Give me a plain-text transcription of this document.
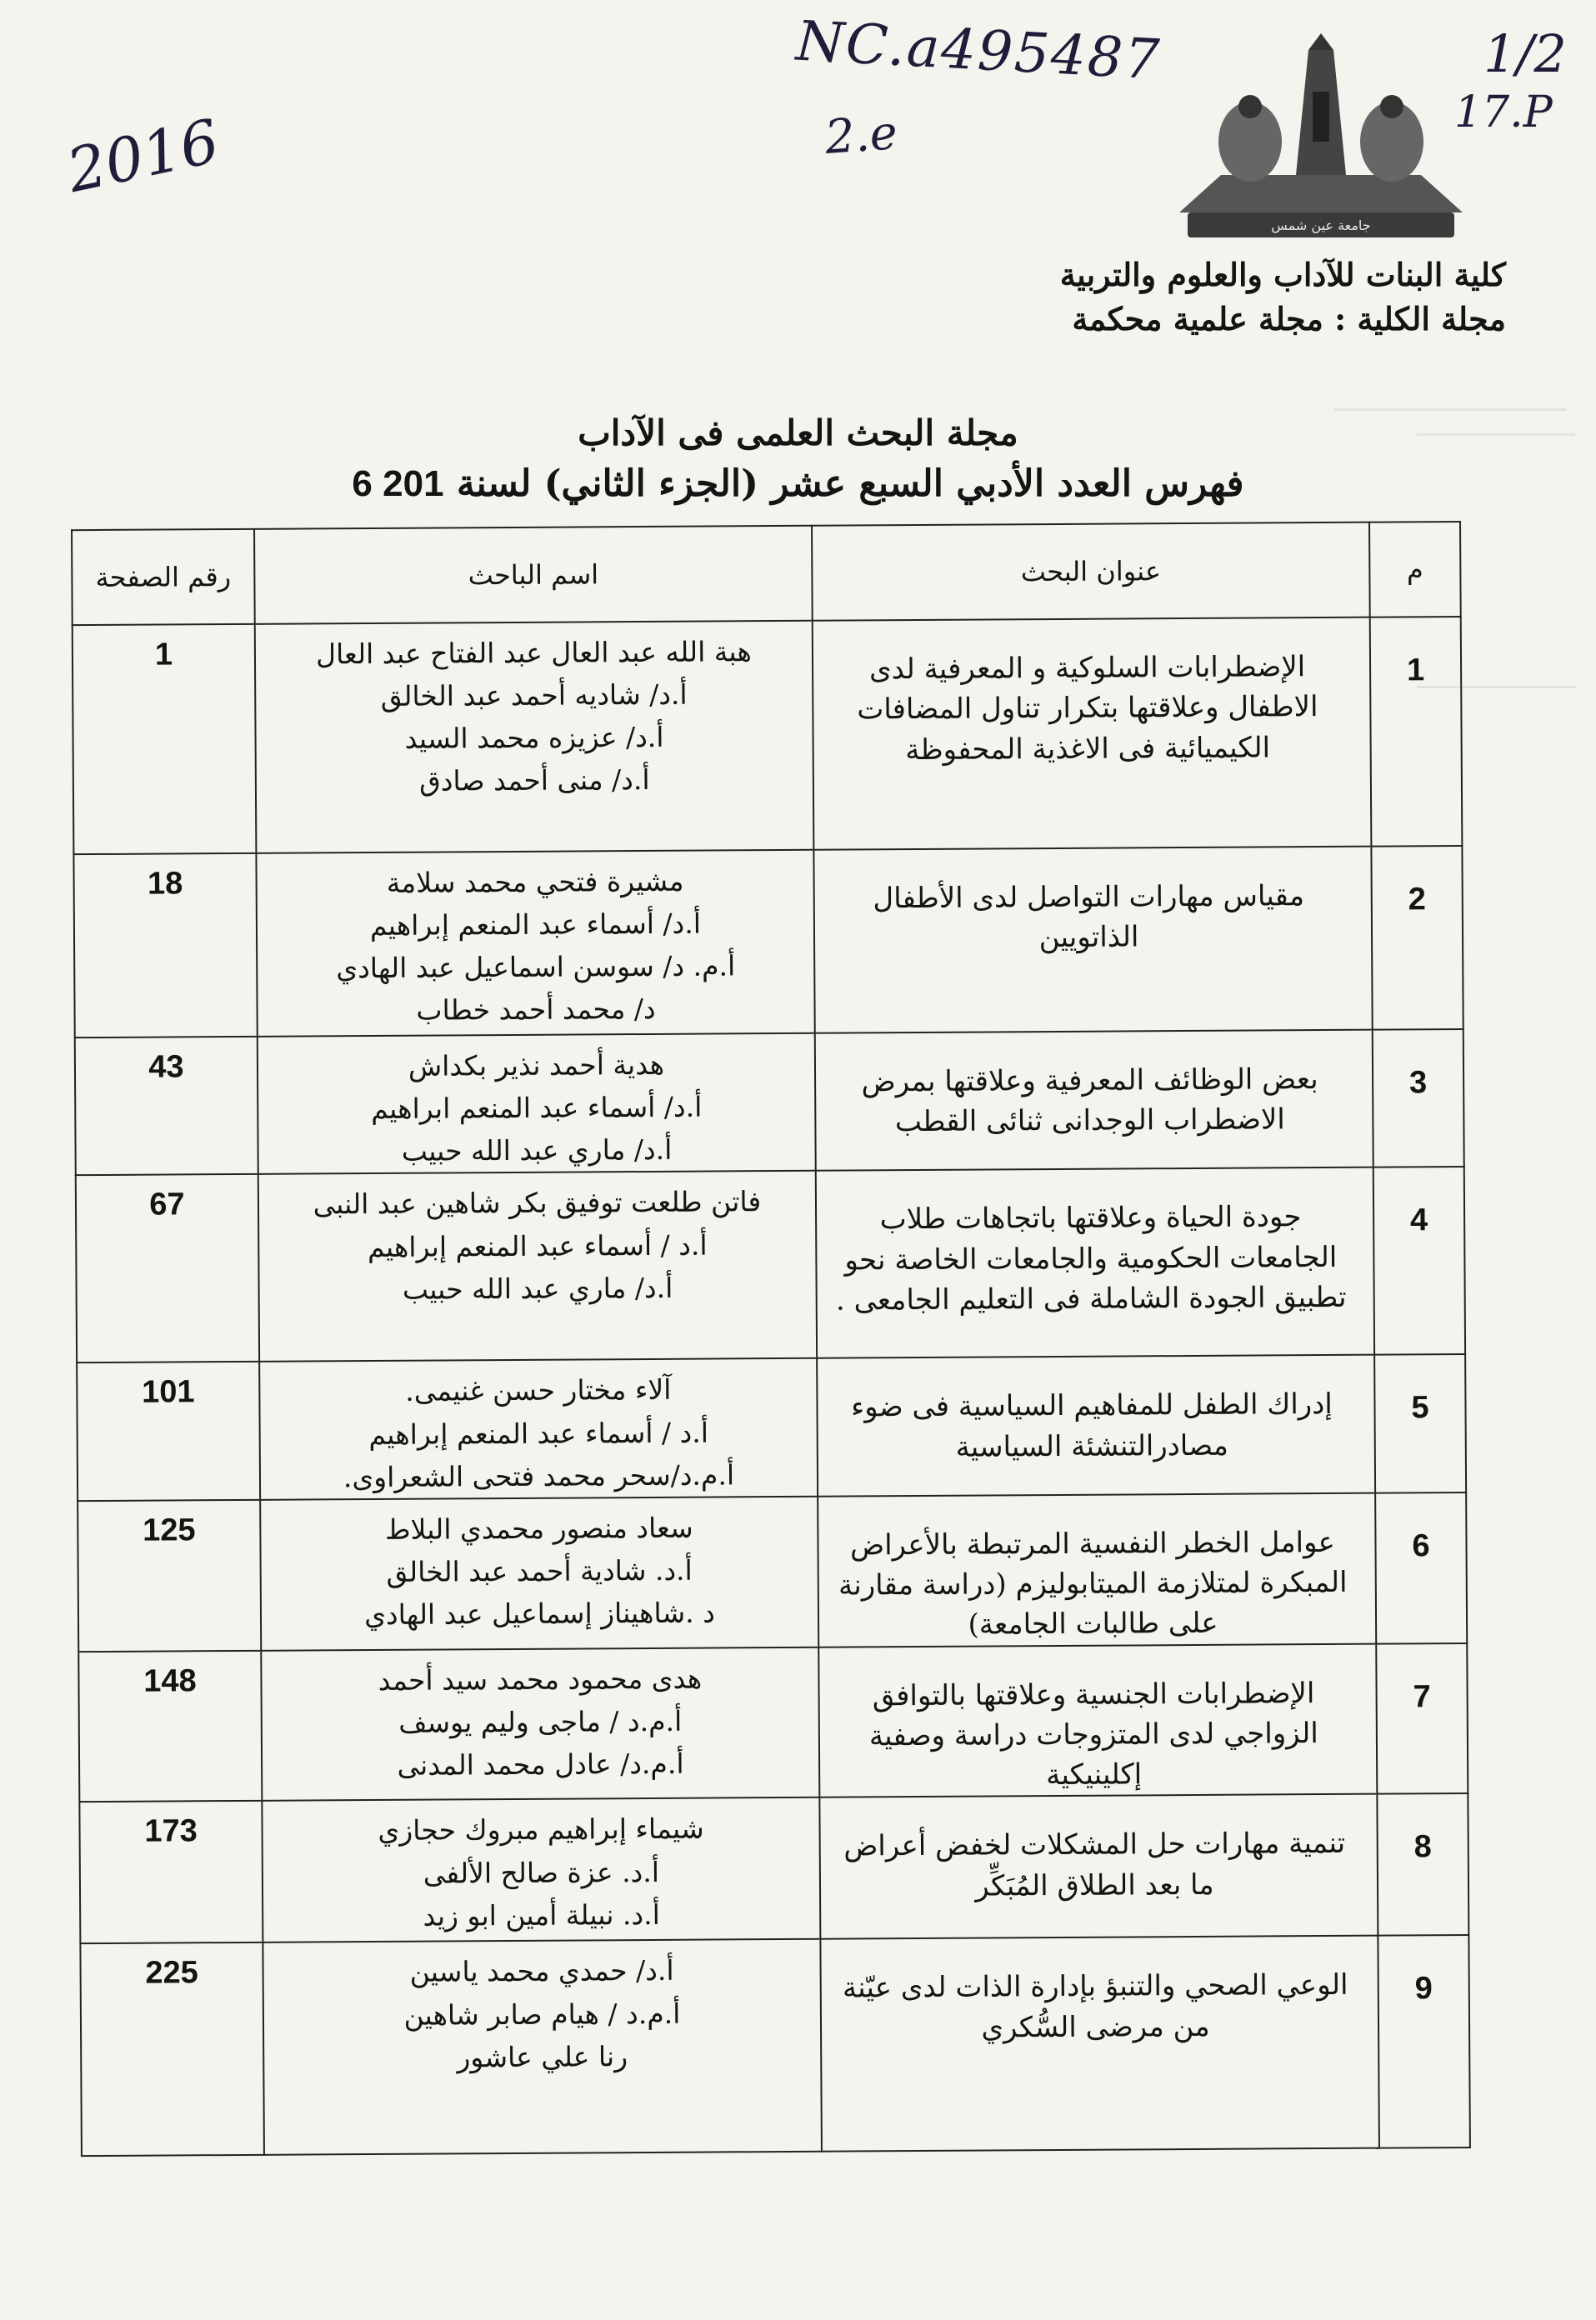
NC.a495487
2.e
2016
1/2
17.P
جامعة عين شمس
كلية البنات للآداب والعلوم والتربية
مجلة الكلية : مجلة علمية محكمة
مجلة البحث العلمى فى الآداب
فهرس العدد الأدبي السبع عشر (الجزء الثاني) لسنة 201 6
م	عنوان البحث	اسم الباحث	رقم الصفحة
1	الإضطرابات السلوكية و المعرفية لدى الاطفال وعلاقتها بتكرار تناول المضافات الكيميائية فى الاغذية المحفوظة	هبة الله عبد العال عبد الفتاح عبد العال
أ.د/ شاديه أحمد عبد الخالق
أ.د/ عزيزه محمد السيد
أ.د/ منى أحمد صادق	1
2	مقياس مهارات التواصل لدى الأطفال الذاتويين	مشيرة فتحي محمد سلامة
أ.د/ أسماء عبد المنعم إبراهيم
أ.م. د/ سوسن اسماعيل عبد الهادي
د/ محمد أحمد خطاب	18
3	بعض الوظائف المعرفية وعلاقتها بمرض الاضطراب الوجدانى ثنائى القطب	هدية أحمد نذير بكداش
أ.د/ أسماء عبد المنعم ابراهيم
أ.د/ ماري عبد الله حبيب	43
4	جودة الحياة وعلاقتها باتجاهات طلاب الجامعات الحكومية والجامعات الخاصة نحو تطبيق الجودة الشاملة فى التعليم الجامعى .	فاتن طلعت توفيق بكر شاهين عبد النبى
أ.د / أسماء عبد المنعم إبراهيم
أ.د/ ماري عبد الله حبيب	67
5	إدراك الطفل للمفاهيم السياسية فى ضوء مصادرالتنشئة السياسية	آلاء مختار حسن غنيمى.
أ.د / أسماء عبد المنعم إبراهيم
أ.م.د/سحر محمد فتحى الشعراوى.	101
6	عوامل الخطر النفسية المرتبطة بالأعراض المبكرة لمتلازمة الميتابوليزم (دراسة مقارنة على طالبات الجامعة)	سعاد منصور محمدي البلاط
أ.د. شادية أحمد عبد الخالق
د .شاهيناز إسماعيل عبد الهادي	125
7	الإضطرابات الجنسية وعلاقتها بالتوافق الزواجي لدى المتزوجات دراسة وصفية إكلينيكية	هدى محمود محمد سيد أحمد
أ.م.د / ماجى وليم يوسف
أ.م.د/ عادل محمد المدنى	148
8	تنمية مهارات حل المشكلات لخفض أعراض ما بعد الطلاق المُبَكِّر	شيماء إبراهيم مبروك حجازي
أ.د. عزة صالح الألفى
أ.د. نبيلة أمين ابو زيد	173
9	الوعي الصحي والتنبؤ بإدارة الذات لدى عيّنة من مرضى السُّكري	أ.د/ حمدي محمد ياسين
أ.م.د / هيام صابر شاهين
رنا علي عاشور	225
